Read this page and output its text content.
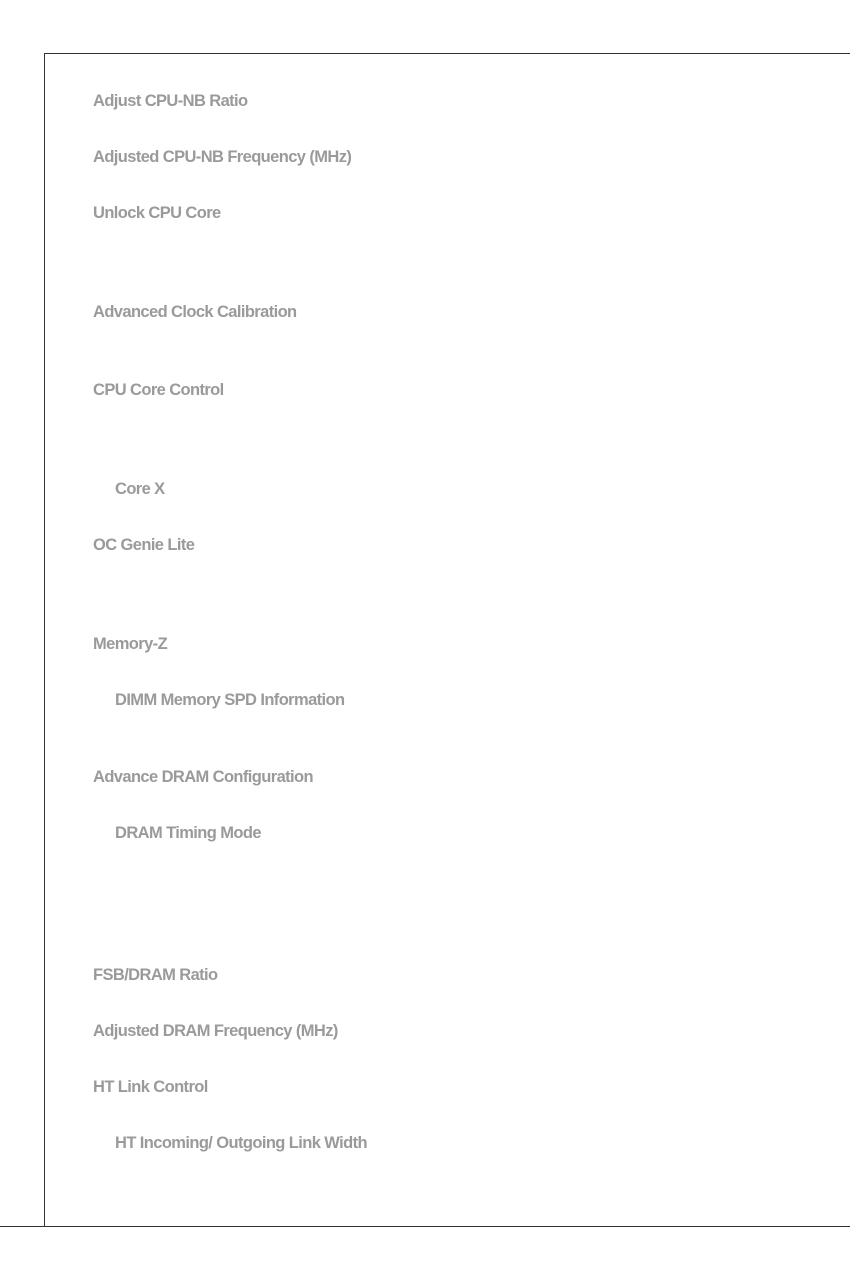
Adjust CPU-NB Ratio
Adjusted CPU-NB Frequency (MHz)
Unlock CPU Core
Advanced Clock Calibration
CPU Core Control
Core X
OC Genie Lite
Memory-Z
DIMM Memory SPD Information
Advance DRAM Configuration
DRAM Timing Mode
FSB/DRAM Ratio
Adjusted DRAM Frequency (MHz)
HT Link Control
HT Incoming/ Outgoing Link Width
